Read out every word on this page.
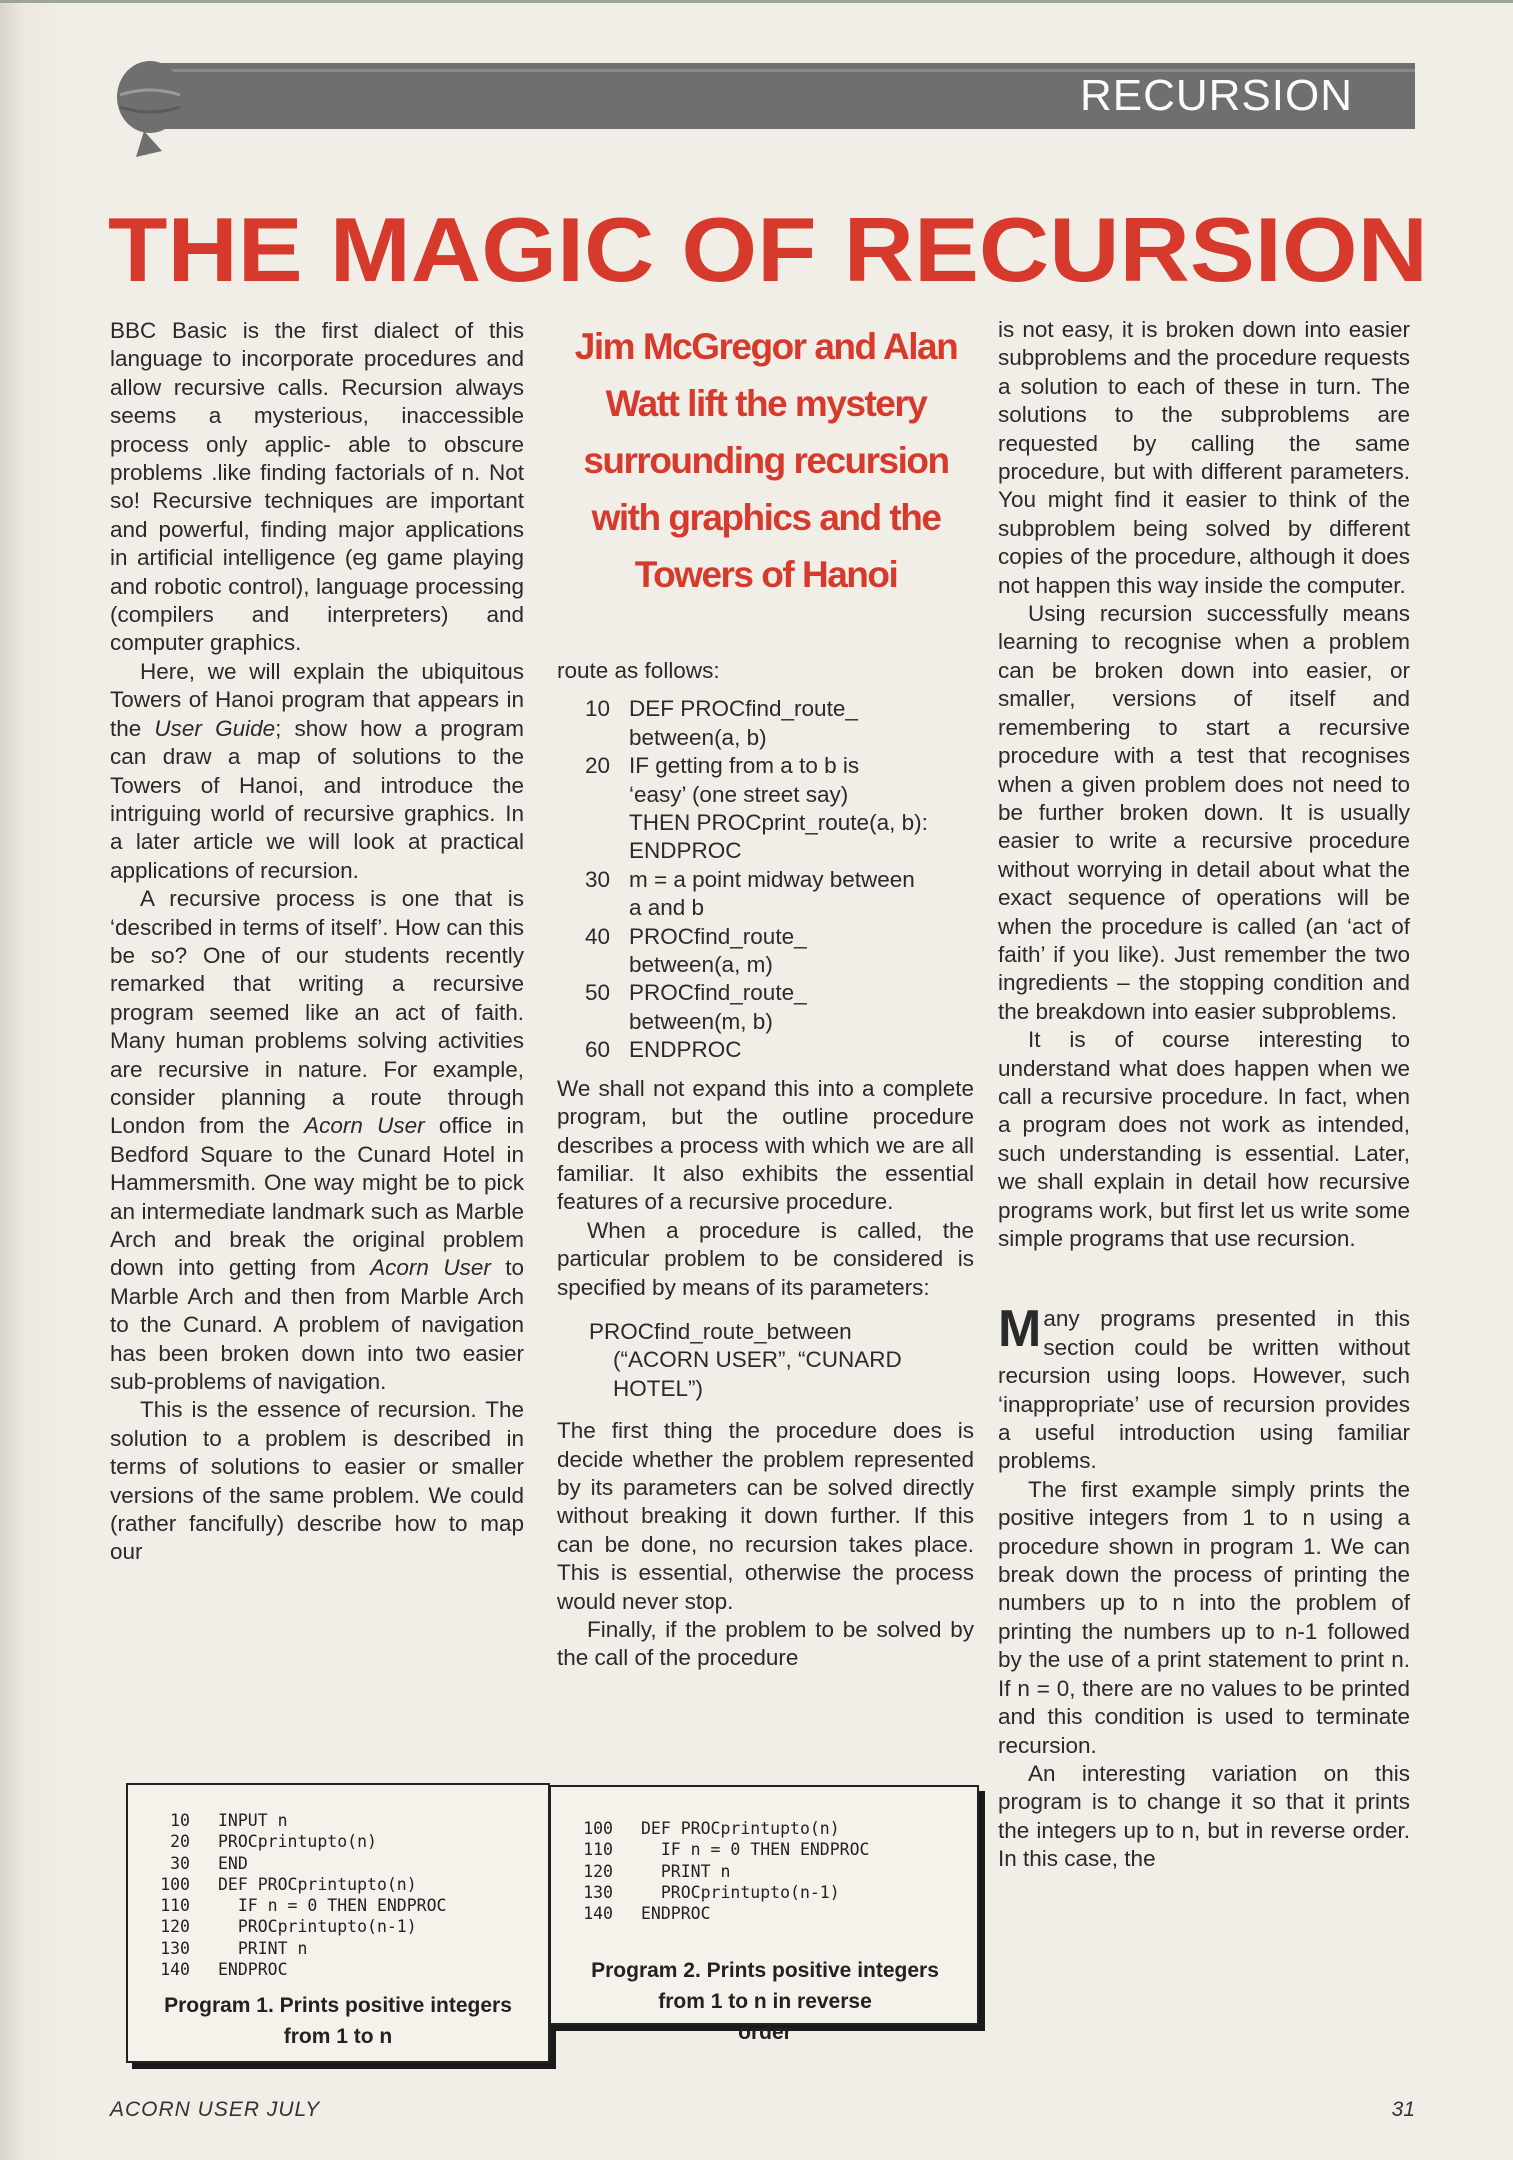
RECURSION
THE MAGIC OF RECURSION

BBC Basic is the first dialect of this language to incorporate procedures and allow recursive calls. Recursion always seems a mysterious, inaccessible process only applic- able to obscure problems .like finding factorials of n. Not so! Recursive techniques are important and powerful, finding major applications in artificial intelligence (eg game playing and robotic control), language processing (compilers and interpreters) and computer graphics.

Here, we will explain the ubiquitous Towers of Hanoi program that appears in the User Guide; show how a program can draw a map of solutions to the Towers of Hanoi, and introduce the intriguing world of recursive graphics. In a later article we will look at practical applications of recursion.

A recursive process is one that is ‘described in terms of itself’. How can this be so? One of our students recently remarked that writing a recursive program seemed like an act of faith. Many human problems solving activities are recursive in nature. For example, consider planning a route through London from the Acorn User office in Bedford Square to the Cunard Hotel in Hammersmith. One way might be to pick an intermediate landmark such as Marble Arch and break the original problem down into getting from Acorn User to Marble Arch and then from Marble Arch to the Cunard. A problem of navigation has been broken down into two easier sub-problems of navigation.

This is the essence of recursion. The solution to a problem is described in terms of solutions to easier or smaller versions of the same problem. We could (rather fancifully) describe how to map our

Jim McGregor and Alan Watt lift the mystery surrounding recursion with graphics and the Towers of Hanoi

route as follows:

10 DEF PROCfind_route_
between(a, b)
20 IF getting from a to b is
‘easy’ (one street say)
THEN PROCprint_route(a, b):
ENDPROC
30 m = a point midway between
a and b
40 PROCfind_route_
between(a, m)
50 PROCfind_route_
between(m, b)
60 ENDPROC

We shall not expand this into a complete program, but the outline procedure describes a process with which we are all familiar. It also exhibits the essential features of a recursive procedure.

When a procedure is called, the particular problem to be considered is specified by means of its parameters:

PROCfind_route_between
(“ACORN USER”, “CUNARD
HOTEL”)

The first thing the procedure does is decide whether the problem represented by its parameters can be solved directly without breaking it down further. If this can be done, no recursion takes place. This is essential, otherwise the process would never stop.

Finally, if the problem to be solved by the call of the procedure

is not easy, it is broken down into easier subproblems and the procedure requests a solution to each of these in turn. The solutions to the subproblems are requested by calling the same procedure, but with different parameters. You might find it easier to think of the subproblem being solved by different copies of the procedure, although it does not happen this way inside the computer.

Using recursion successfully means learning to recognise when a problem can be broken down into easier, or smaller, versions of itself and remembering to start a recursive procedure with a test that recognises when a given problem does not need to be further broken down. It is usually easier to write a recursive procedure without worrying in detail about what the exact sequence of operations will be when the procedure is called (an ‘act of faith’ if you like). Just remember the two ingredients – the stopping condition and the breakdown into easier subproblems.

It is of course interesting to understand what does happen when we call a recursive procedure. In fact, when a program does not work as intended, such understanding is essential. Later, we shall explain in detail how recursive programs work, but first let us write some simple programs that use recursion.

Many programs presented in this section could be written without recursion using loops. However, such ‘inappropriate’ use of recursion provides a useful introduction using familiar problems.

The first example simply prints the positive integers from 1 to n using a procedure shown in program 1. We can break down the process of printing the numbers up to n into the problem of printing the numbers up to n-1 followed by the use of a print statement to print n. If n = 0, there are no values to be printed and this condition is used to terminate recursion.

An interesting variation on this program is to change it so that it prints the integers up to n, but in reverse order. In this case, the

10	INPUT n
20	PROCprintupto(n)
30	END
100	DEF PROCprintupto(n)
110	IF n = 0 THEN ENDPROC
120	PROCprintupto(n-1)
130	PRINT n
140	ENDPROC
Program 1. Prints positive integers
from 1 to n
100	DEF PROCprintupto(n)
110	IF n = 0 THEN ENDPROC
120	PRINT n
130	PROCprintupto(n-1)
140	ENDPROC
Program 2. Prints positive integers
from 1 to n in reverse
order
ACORN USER JULY	31
